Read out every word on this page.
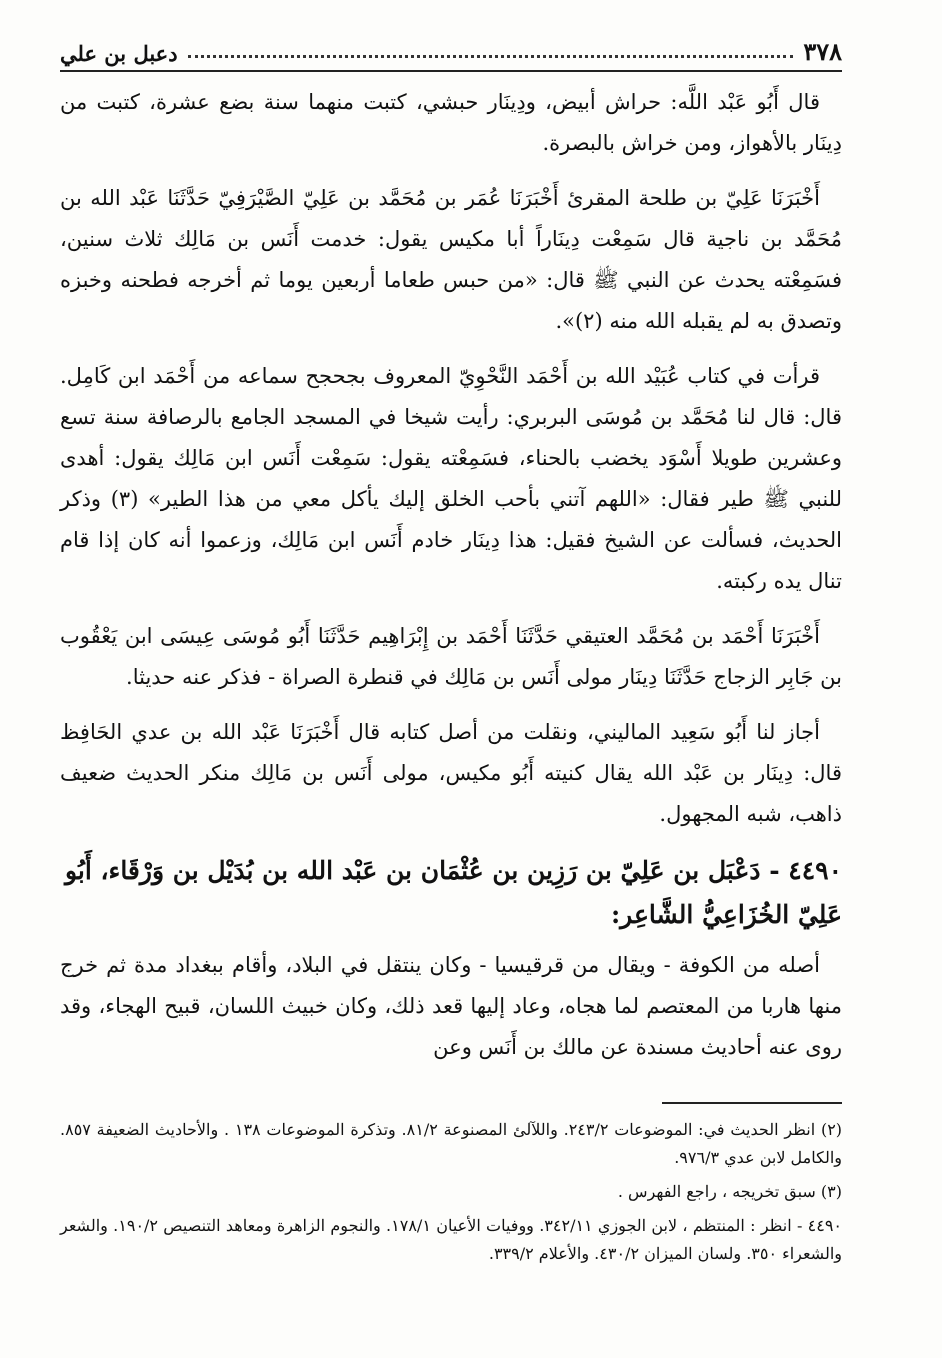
٣٧٨
دعبل بن علي

قال أَبُو عَبْد اللَّه: حراش أبيض، ودِينَار حبشي، كتبت منهما سنة بضع عشرة، كتبت من دِينَار بالأهواز، ومن خراش بالبصرة.

أَخْبَرَنَا عَلِيّ بن طلحة المقرئ أَخْبَرَنَا عُمَر بن مُحَمَّد بن عَلِيّ الصَّيْرَفِيّ حَدَّثَنَا عَبْد الله بن مُحَمَّد بن ناجية قال سَمِعْت دِينَاراً أبا مكيس يقول: خدمت أَنَس بن مَالِك ثلاث سنين، فسَمِعْته يحدث عن النبي ﷺ قال: «من حبس طعاما أربعين يوما ثم أخرجه فطحنه وخبزه وتصدق به لم يقبله الله منه (٢)».

قرأت في كتاب عُبَيْد الله بن أَحْمَد النَّحْوِيّ المعروف بجحجح سماعه من أَحْمَد ابن كَامِل. قال: قال لنا مُحَمَّد بن مُوسَى البربري: رأيت شيخا في المسجد الجامع بالرصافة سنة تسع وعشرين طويلا أَسْوَد يخضب بالحناء، فسَمِعْته يقول: سَمِعْت أَنَس ابن مَالِك يقول: أهدى للنبي ﷺ طير فقال: «اللهم آتني بأحب الخلق إليك يأكل معي من هذا الطير» (٣) وذكر الحديث، فسألت عن الشيخ فقيل: هذا دِينَار خادم أَنَس ابن مَالِك، وزعموا أنه كان إذا قام تنال يده ركبته.

أَخْبَرَنَا أَحْمَد بن مُحَمَّد العتيقي حَدَّثَنَا أَحْمَد بن إِبْرَاهِيم حَدَّثَنَا أَبُو مُوسَى عِيسَى ابن يَعْقُوب بن جَابِر الزجاج حَدَّثَنَا دِينَار مولى أَنَس بن مَالِك في قنطرة الصراة - فذكر عنه حديثا.

أجاز لنا أَبُو سَعِيد الماليني، ونقلت من أصل كتابه قال أَخْبَرَنَا عَبْد الله بن عدي الحَافِظ قال: دِينَار بن عَبْد الله يقال كنيته أَبُو مكيس، مولى أَنَس بن مَالِك منكر الحديث ضعيف ذاهب، شبه المجهول.

٤٤٩٠ - دَعْبَل بن عَلِيّ بن رَزِين بن عُثْمَان بن عَبْد الله بن بُدَيْل بن وَرْقَاء، أَبُو عَلِيّ الخُزَاعِيُّ الشَّاعِر:

أصله من الكوفة - ويقال من قرقيسيا - وكان ينتقل في البلاد، وأقام ببغداد مدة ثم خرج منها هاربا من المعتصم لما هجاه، وعاد إليها قعد ذلك، وكان خبيث اللسان، قبيح الهجاء، وقد روى عنه أحاديث مسندة عن مالك بن أَنَس وعن

(٢) انظر الحديث في: الموضوعات ٢٤٣/٢. واللآلئ المصنوعة ٨١/٢. وتذكرة الموضوعات ١٣٨ . والأحاديث الضعيفة ٨٥٧. والكامل لابن عدي ٩٧٦/٣.

(٣) سبق تخريجه ، راجع الفهرس .

٤٤٩٠ - انظر : المنتظم ، لابن الجوزي ٣٤٢/١١. ووفيات الأعيان ١٧٨/١. والنجوم الزاهرة ومعاهد التنصيص ١٩٠/٢. والشعر والشعراء ٣٥٠. ولسان الميزان ٤٣٠/٢. والأعلام ٣٣٩/٢.
